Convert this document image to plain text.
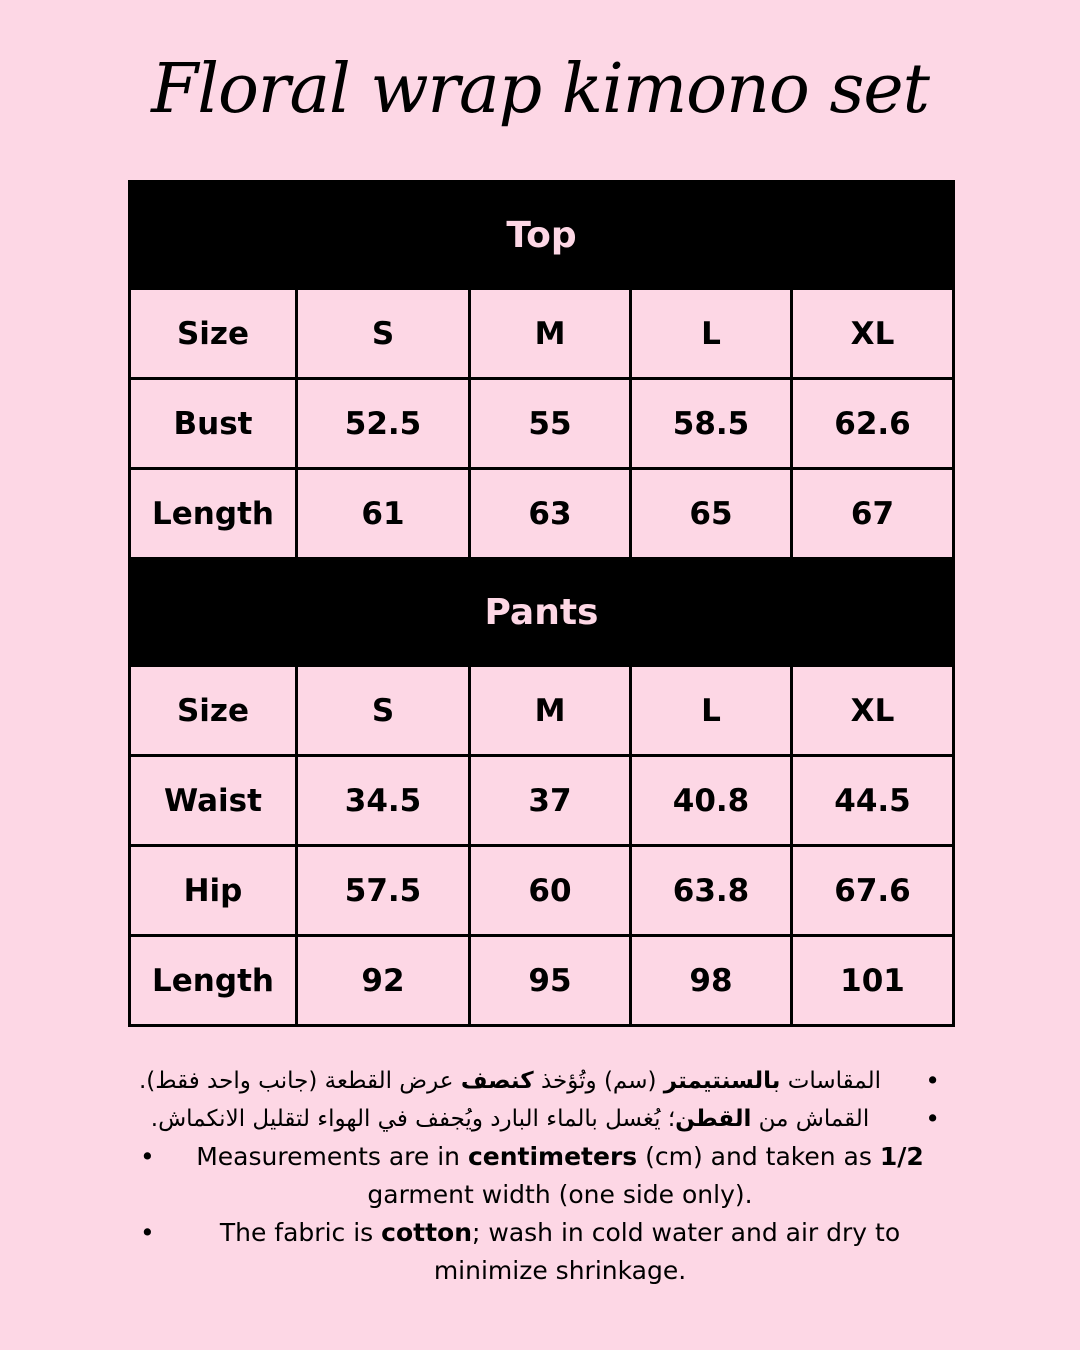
Floral wrap kimono set
Top				
Size	S	M	L	XL
Bust	52.5	55	58.5	62.6
Length	61	63	65	67
Pants				
Size	S	M	L	XL
Waist	34.5	37	40.8	44.5
Hip	57.5	60	63.8	67.6
Length	92	95	98	101
•
المقاسات بالسنتيمتر (سم) وتُؤخذ كنصف عرض القطعة (جانب واحد فقط).
•
القماش من القطن؛ يُغسل بالماء البارد ويُجفف في الهواء لتقليل الانكماش.
• Measurements are in centimeters (cm) and taken as 1/2 garment width (one side only).
•	The fabric is cotton; wash in cold water and air dry to minimize shrinkage.
